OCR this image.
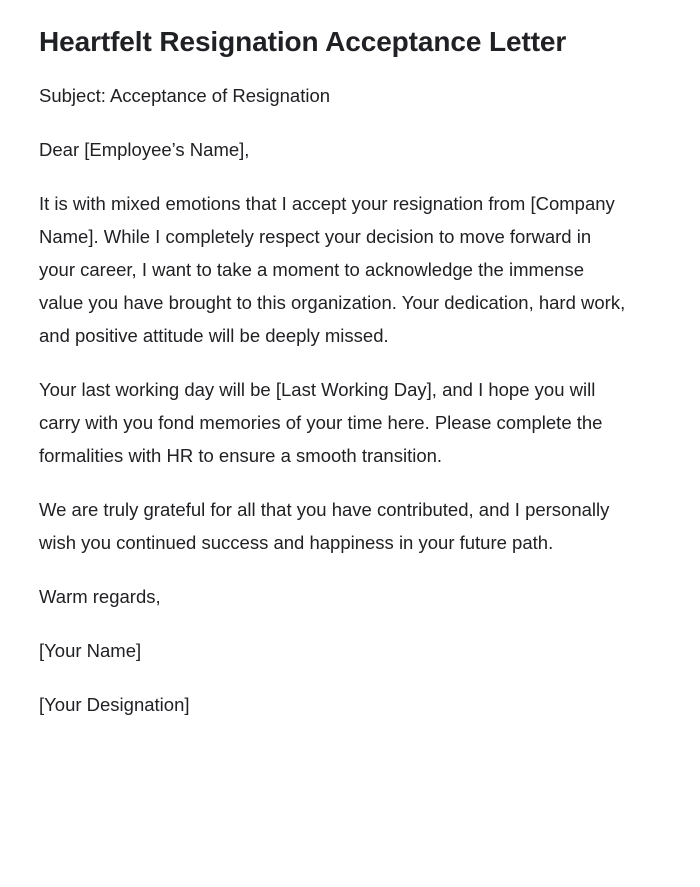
Heartfelt Resignation Acceptance Letter

Subject: Acceptance of Resignation

Dear [Employee’s Name],

It is with mixed emotions that I accept your resignation from [Company Name]. While I completely respect your decision to move forward in your career, I want to take a moment to acknowledge the immense value you have brought to this organization. Your dedication, hard work, and positive attitude will be deeply missed.

Your last working day will be [Last Working Day], and I hope you will carry with you fond memories of your time here. Please complete the formalities with HR to ensure a smooth transition.

We are truly grateful for all that you have contributed, and I personally wish you continued success and happiness in your future path.

Warm regards,

[Your Name]

[Your Designation]
